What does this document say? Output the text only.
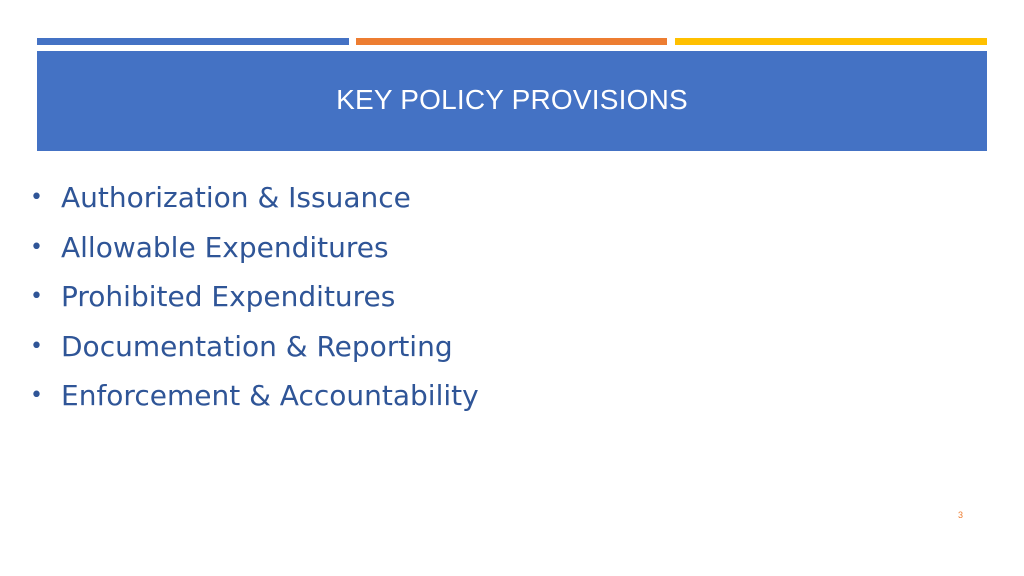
KEY POLICY PROVISIONS
• Authorization & Issuance
• Allowable Expenditures
• Prohibited Expenditures
• Documentation & Reporting
• Enforcement & Accountability
3
